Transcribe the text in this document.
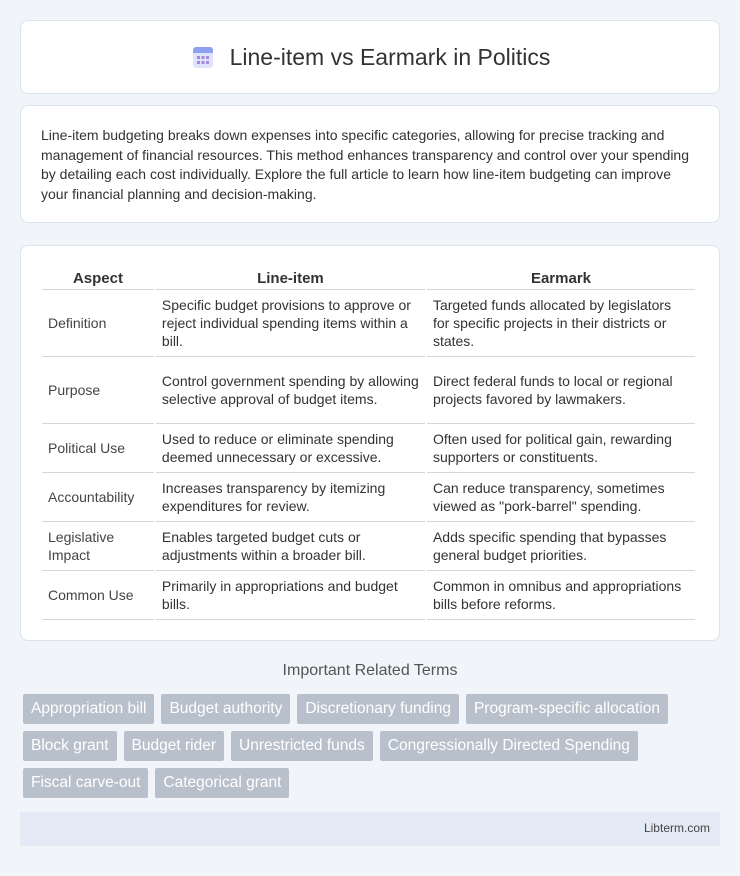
Line-item vs Earmark in Politics

Line-item budgeting breaks down expenses into specific categories, allowing for precise tracking and management of financial resources. This method enhances transparency and control over your spending by detailing each cost individually. Explore the full article to learn how line-item budgeting can improve your financial planning and decision-making.

Aspect	Line-item	Earmark
Definition	Specific budget provisions to approve or reject individual spending items within a bill.	Targeted funds allocated by legislators for specific projects in their districts or states.
Purpose	Control government spending by allowing selective approval of budget items.	Direct federal funds to local or regional projects favored by lawmakers.
Political Use	Used to reduce or eliminate spending deemed unnecessary or excessive.	Often used for political gain, rewarding supporters or constituents.
Accountability	Increases transparency by itemizing expenditures for review.	Can reduce transparency, sometimes viewed as "pork-barrel" spending.
Legislative Impact	Enables targeted budget cuts or adjustments within a broader bill.	Adds specific spending that bypasses general budget priorities.
Common Use	Primarily in appropriations and budget bills.	Common in omnibus and appropriations bills before reforms.
Important Related Terms
Appropriation bill	Budget authority	Discretionary funding	Program-specific allocation
Block grant	Budget rider	Unrestricted funds	Congressionally Directed Spending
Fiscal carve-out	Categorical grant
Libterm.com
